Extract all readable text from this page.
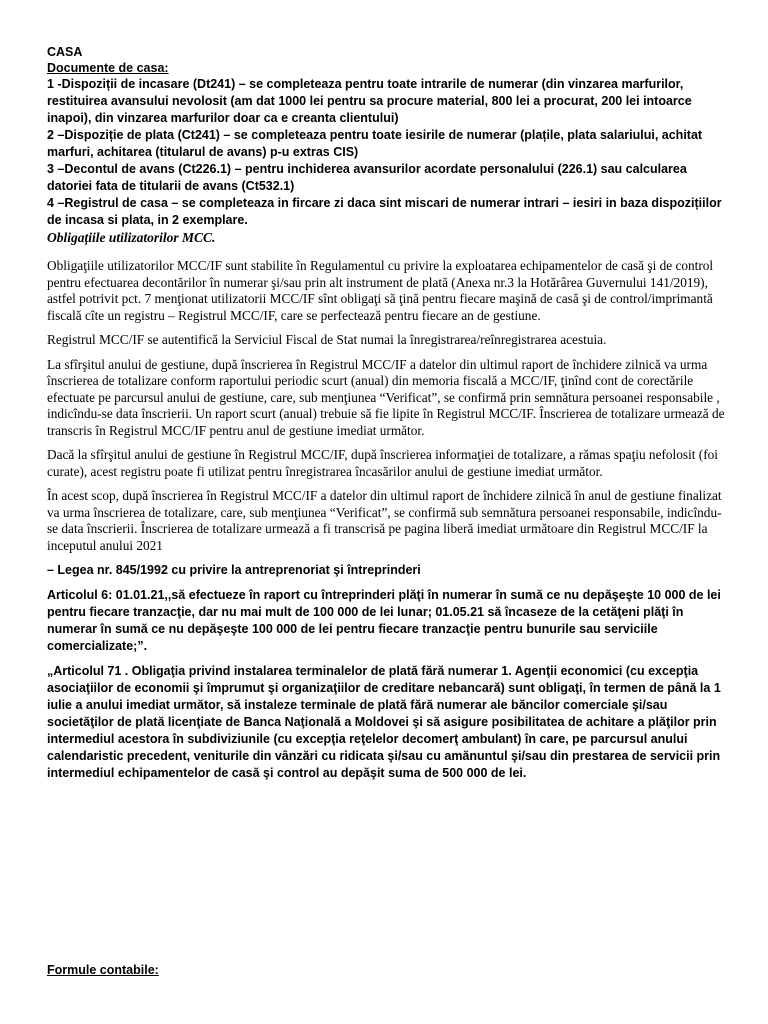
CASA

Documente de casa:

1 -Dispoziții de incasare (Dt241) – se completeaza pentru toate intrarile de numerar (din vinzarea marfurilor, restituirea avansului nevolosit (am dat 1000 lei pentru sa procure material, 800 lei a procurat, 200 lei intoarce inapoi), din vinzarea marfurilor doar ca e creanta clientului)

2 –Dispoziție de plata (Ct241) – se completeaza pentru toate iesirile de numerar (plațile, plata salariului, achitat marfuri, achitarea (titularul de avans) p-u extras CIS)

3 –Decontul de avans (Ct226.1) – pentru inchiderea avansurilor acordate personalului (226.1) sau calcularea datoriei fata de titularii de avans (Ct532.1)

4 –Registrul de casa – se completeaza in fircare zi daca sint miscari de numerar intrari – iesiri in baza dispozițiilor de incasa si plata, in 2 exemplare.

Obligațiile utilizatorilor MCC.

Obligaţiile utilizatorilor MCC/IF sunt stabilite în Regulamentul cu privire la exploatarea echipamentelor de casă şi de control pentru efectuarea decontărilor în numerar şi/sau prin alt instrument de plată (Anexa nr.3 la Hotărârea Guvernului 141/2019), astfel potrivit pct. 7 menţionat utilizatorii MCC/IF sînt obligaţi să ţină pentru fiecare maşină de casă şi de control/imprimantă fiscală cîte un registru – Registrul MCC/IF, care se perfectează pentru fiecare an de gestiune.

Registrul MCC/IF se autentifică la Serviciul Fiscal de Stat numai la înregistrarea/reînregistrarea acestuia.

La sfîrşitul anului de gestiune, după înscrierea în Registrul MCC/IF a datelor din ultimul raport de închidere zilnică va urma înscrierea de totalizare conform raportului periodic scurt (anual) din memoria fiscală a MCC/IF, ţinînd cont de corectările efectuate pe parcursul anului de gestiune, care, sub menţiunea “Verificat”, se confirmă prin semnătura persoanei responsabile , indicîndu-se data înscrierii. Un raport scurt (anual) trebuie să fie lipite în Registrul MCC/IF. Înscrierea de totalizare urmează de transcris în Registrul MCC/IF pentru anul de gestiune imediat următor.

Dacă la sfîrşitul anului de gestiune în Registrul MCC/IF, după înscrierea informaţiei de totalizare, a rămas spaţiu nefolosit (foi curate), acest registru poate fi utilizat pentru înregistrarea încasărilor anului de gestiune imediat următor.

În acest scop, după înscrierea în Registrul MCC/IF a datelor din ultimul raport de închidere zilnică în anul de gestiune finalizat va urma înscrierea de totalizare, care, sub menţiunea “Verificat”, se confirmă sub semnătura persoanei responsabile, indicîndu-se data înscrierii. Înscrierea de totalizare urmează a fi transcrisă pe pagina liberă imediat următoare din Registrul MCC/IF la inceputul anului 2021

– Legea nr. 845/1992 cu privire la antreprenoriat şi întreprinderi

Articolul 6: 01.01.21,,să efectueze în raport cu întreprinderi plăţi în numerar în sumă ce nu depăşeşte 10 000 de lei pentru fiecare tranzacţie, dar nu mai mult de 100 000 de lei lunar; 01.05.21 să încaseze de la cetăţeni plăţi în numerar în sumă ce nu depăşeşte 100 000 de lei pentru fiecare tranzacţie pentru bunurile sau serviciile comercializate;”.

„Articolul 71 . Obligaţia privind instalarea terminalelor de plată fără numerar 1. Agenţii economici (cu excepţia asociaţiilor de economii şi împrumut şi organizaţiilor de creditare nebancară) sunt obligaţi, în termen de până la 1 iulie a anului imediat următor, să instaleze terminale de plată fără numerar ale băncilor comerciale şi/sau societăţilor de plată licenţiate de Banca Naţională a Moldovei şi să asigure posibilitatea de achitare a plăţilor prin intermediul acestora în subdiviziunile (cu excepţia reţelelor decomerţ ambulant) în care, pe parcursul anului calendaristic precedent, veniturile din vânzări cu ridicata şi/sau cu amănuntul şi/sau din prestarea de servicii prin intermediul echipamentelor de casă şi control au depăşit suma de 500 000 de lei.

Formule contabile:
